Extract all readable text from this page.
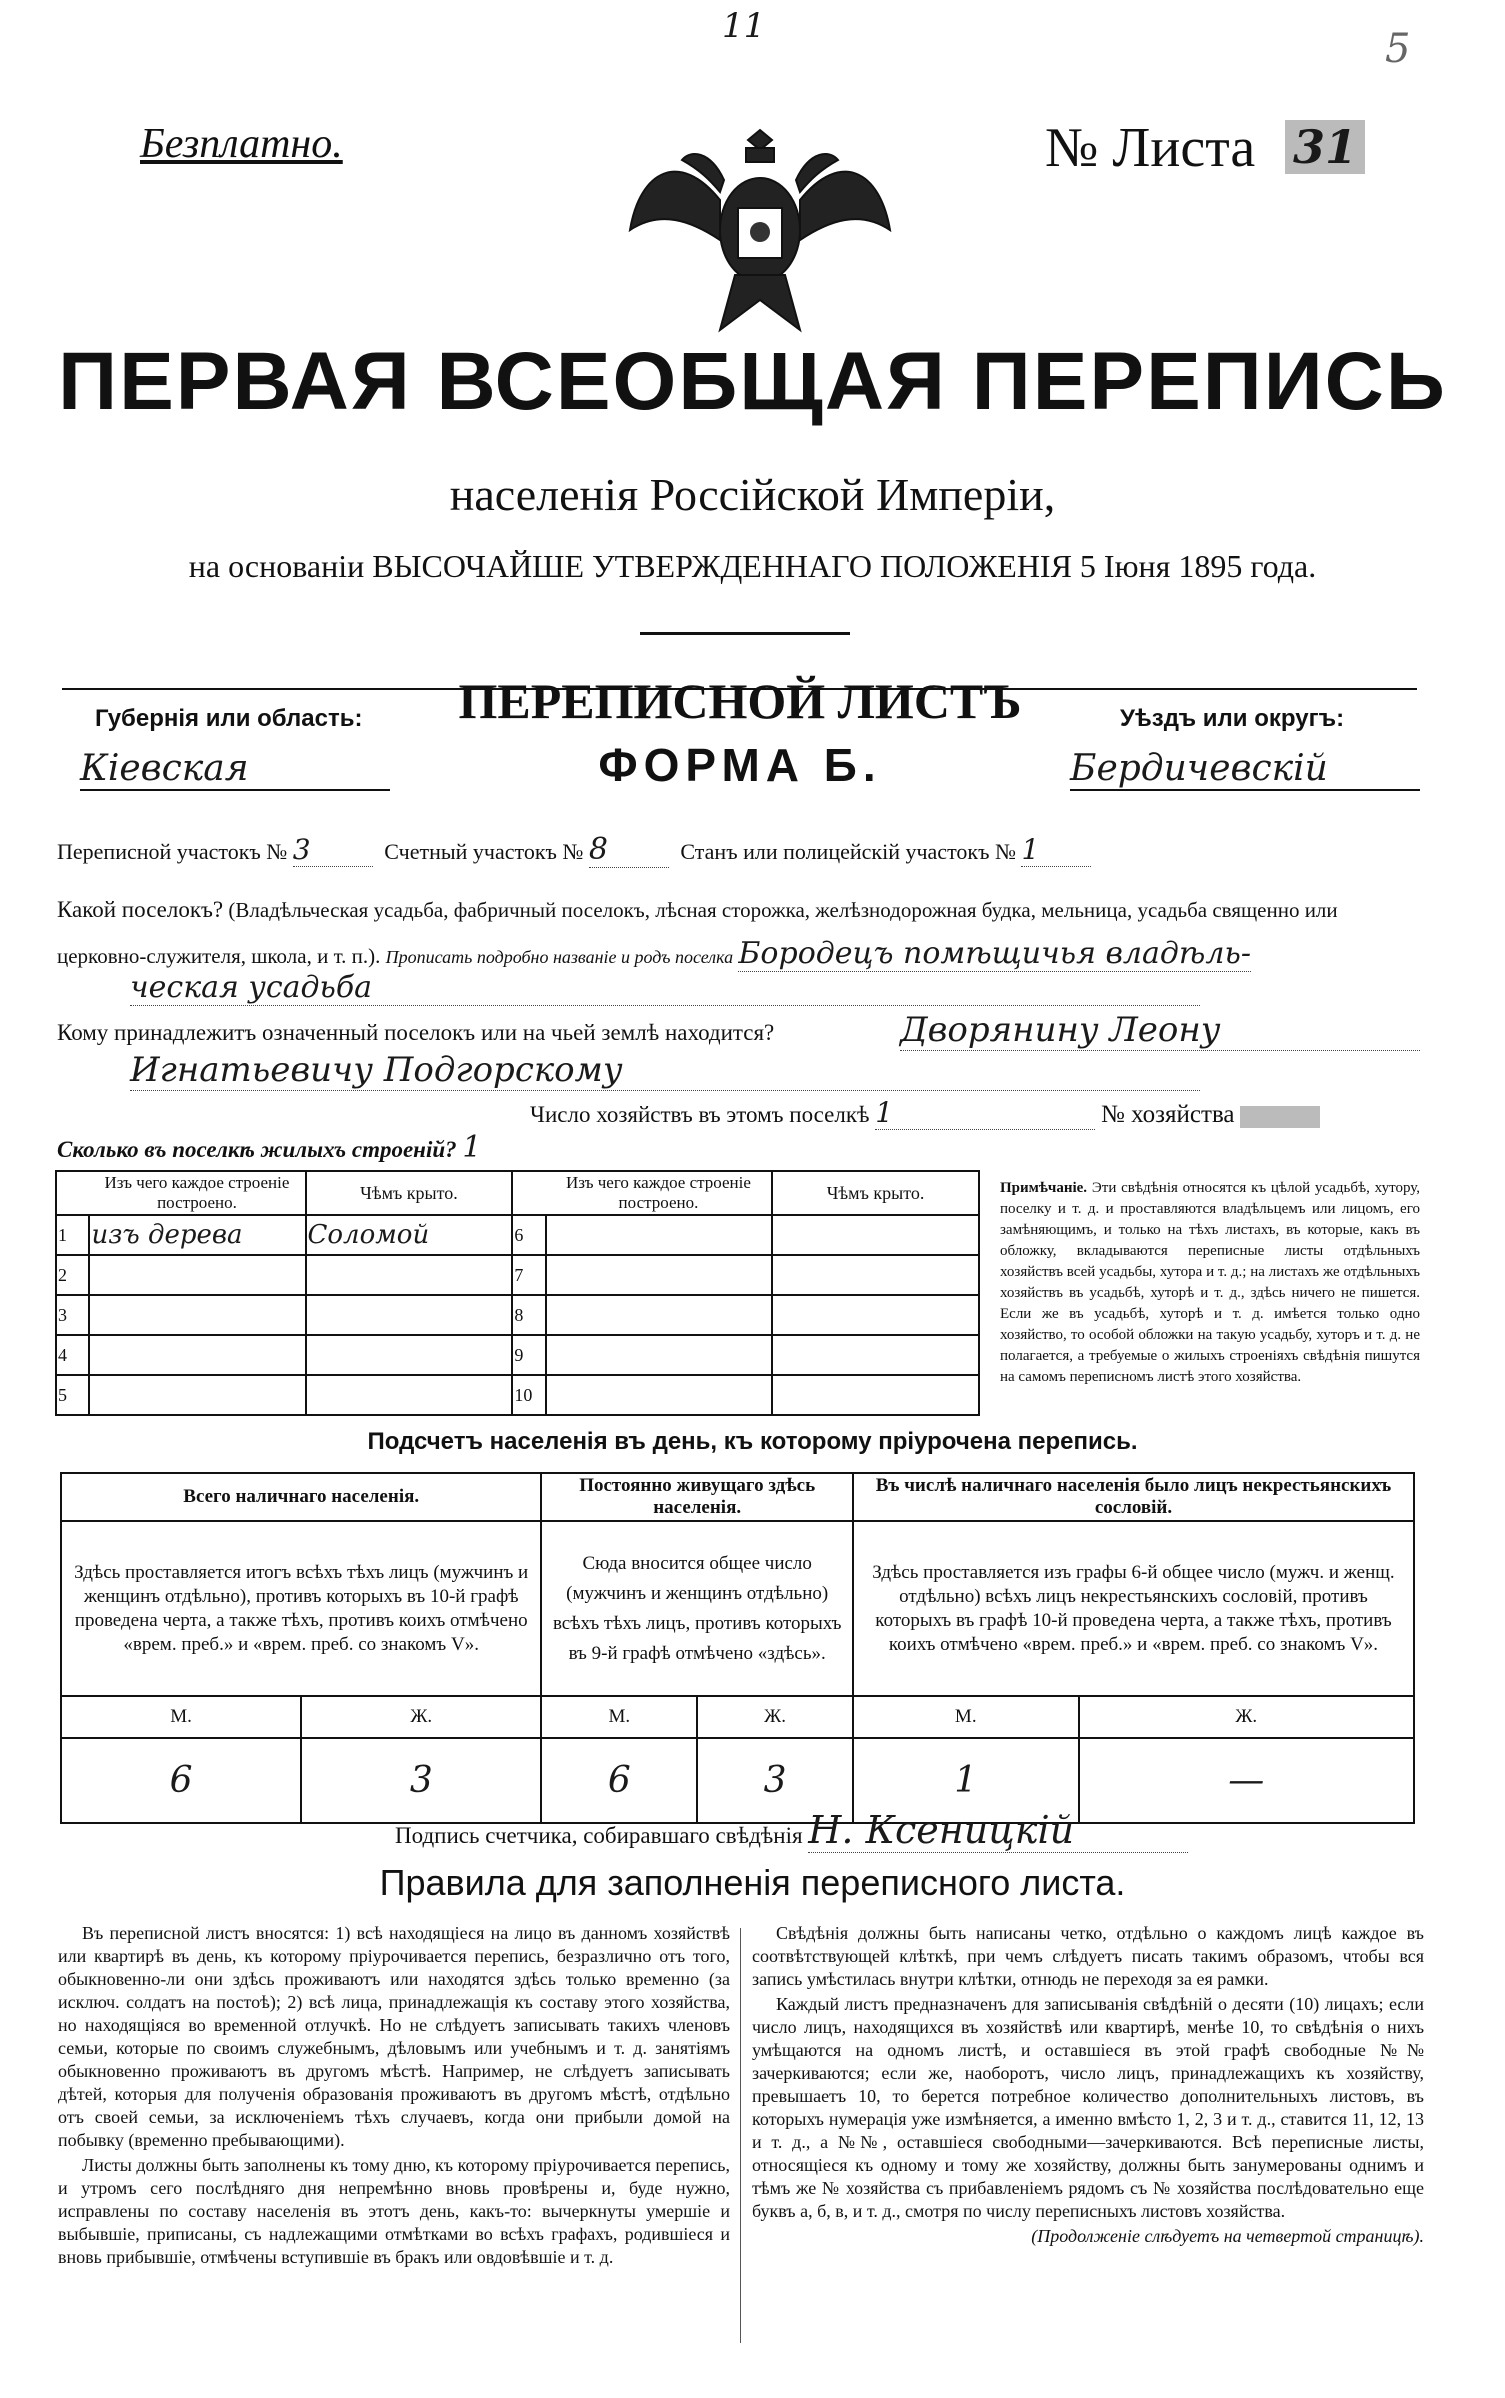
11	5
Безплатно.	№ Листа 31
ПЕРВАЯ ВСЕОБЩАЯ ПЕРЕПИСЬ
населенія Россійской Имперіи,
на основаніи ВЫСОЧАЙШЕ УТВЕРЖДЕННАГО ПОЛОЖЕНІЯ 5 Іюня 1895 года.
Губернія или область:
Кіевская
ПЕРЕПИСНОЙ ЛИСТЪ
ФОРМА Б.
Уѣздъ или округъ:
Бердичевскій
Переписной участокъ № 3	Счетный участокъ № 8	Станъ или полицейскій участокъ № 1
Какой поселокъ? (Владѣльческая усадьба, фабричный поселокъ, лѣсная сторожка, желѣзнодорожная будка, мельница, усадьба священно или церковно-служителя, школа, и т. п.). Прописать подробно названіе и родъ поселка Бородецъ помѣщичья владѣль-
ческая усадьба
Кому принадлежитъ означенный поселокъ или на чьей землѣ находится?	Дворянину Леону
Игнатьевичу Подгорскому
Число хозяйствъ въ этомъ поселкѣ 1	№ хозяйства
Сколько въ поселкѣ жилыхъ строеній? 1
	Изъ чего каждое строеніе построено.	Чѣмъ крыто.		Изъ чего каждое строеніе построено.	Чѣмъ крыто.
1	изъ дерева	Соломой	6		
2			7		
3			8		
4			9		
5			10		
Примѣчаніе. Эти свѣдѣнія относятся къ цѣлой усадьбѣ, хутору, поселку и т. д. и проставляются владѣльцемъ или лицомъ, его замѣняющимъ, и только на тѣхъ листахъ, въ которые, какъ въ обложку, вкладываются переписные листы отдѣльныхъ хозяйствъ всей усадьбы, хутора и т. д.; на листахъ же отдѣльныхъ хозяйствъ въ усадьбѣ, хуторѣ и т. д., здѣсь ничего не пишется. Если же въ усадьбѣ, хуторѣ и т. д. имѣется только одно хозяйство, то особой обложки на такую усадьбу, хуторъ и т. д. не полагается, а требуемые о жилыхъ строеніяхъ свѣдѣнія пишутся на самомъ переписномъ листѣ этого хозяйства.
Подсчетъ населенія въ день, къ которому пріурочена перепись.
Всего наличнаго населенія.		Постоянно живущаго здѣсь населенія.		Въ числѣ наличнаго населенія было лицъ некрестьянскихъ сословій.	
Здѣсь проставляется итогъ всѣхъ тѣхъ лицъ (мужчинъ и женщинъ отдѣльно), противъ которыхъ въ 10-й графѣ проведена черта, а также тѣхъ, противъ коихъ отмѣчено «врем. преб.» и «врем. преб. со знакомъ V».		Сюда вносится общее число (мужчинъ и женщинъ отдѣльно) всѣхъ тѣхъ лицъ, противъ которыхъ въ 9-й графѣ отмѣчено «здѣсь».		Здѣсь проставляется изъ графы 6-й общее число (мужч. и женщ. отдѣльно) всѣхъ лицъ некрестьянскихъ сословій, противъ которыхъ въ графѣ 10-й проведена черта, а также тѣхъ, противъ коихъ отмѣчено «врем. преб.» и «врем. преб. со знакомъ V».	
М.	Ж.	М.	Ж.	М.	Ж.
6	3	6	3	1	—
Подпись счетчика, собиравшаго свѣдѣнія Н. Ксеницкій
Правила для заполненія переписного листа.

Въ переписной листъ вносятся: 1) всѣ находящіеся на лицо въ данномъ хозяйствѣ или квартирѣ въ день, къ которому пріурочивается перепись, безразлично отъ того, обыкновенно-ли они здѣсь проживаютъ или находятся здѣсь только временно (за исключ. солдатъ на постоѣ); 2) всѣ лица, принадлежащія къ составу этого хозяйства, но находящіяся во временной отлучкѣ. Но не слѣдуетъ записывать такихъ членовъ семьи, которые по своимъ служебнымъ, дѣловымъ или учебнымъ и т. д. занятіямъ обыкновенно проживаютъ въ другомъ мѣстѣ. Например, не слѣдуетъ записывать дѣтей, которыя для полученія образованія проживаютъ въ другомъ мѣстѣ, отдѣльно отъ своей семьи, за исключеніемъ тѣхъ случаевъ, когда они прибыли домой на побывку (временно пребывающими).

Листы должны быть заполнены къ тому дню, къ которому пріурочивается перепись, и утромъ сего послѣдняго дня непремѣнно вновь провѣрены и, буде нужно, исправлены по составу населенія въ этотъ день, какъ-то: вычеркнуты умершіе и выбывшіе, приписаны, съ надлежащими отмѣтками во всѣхъ графахъ, родившіеся и вновь прибывшіе, отмѣчены вступившіе въ бракъ или овдовѣвшіе и т. д.

Свѣдѣнія должны быть написаны четко, отдѣльно о каждомъ лицѣ каждое въ соотвѣтствующей клѣткѣ, при чемъ слѣдуетъ писать такимъ образомъ, чтобы вся запись умѣстилась внутри клѣтки, отнюдь не переходя за ея рамки.

Каждый листъ предназначенъ для записыванія свѣдѣній о десяти (10) лицахъ; если число лицъ, находящихся въ хозяйствѣ или квартирѣ, менѣе 10, то свѣдѣнія о нихъ умѣщаются на одномъ листѣ, и оставшіеся въ этой графѣ свободные №№ зачеркиваются; если же, наоборотъ, число лицъ, принадлежащихъ къ хозяйству, превышаетъ 10, то берется потребное количество дополнительныхъ листовъ, въ которыхъ нумерація уже измѣняется, а именно вмѣсто 1, 2, 3 и т. д., ставится 11, 12, 13 и т. д., а №№, оставшіеся свободными—зачеркиваются. Всѣ переписные листы, относящіеся къ одному и тому же хозяйству, должны быть занумерованы однимъ и тѣмъ же № хозяйства съ прибавленіемъ рядомъ съ № хозяйства послѣдовательно еще буквъ а, б, в, и т. д., смотря по числу переписныхъ листовъ хозяйства.

(Продолженіе слѣдуетъ на четвертой страницѣ).
